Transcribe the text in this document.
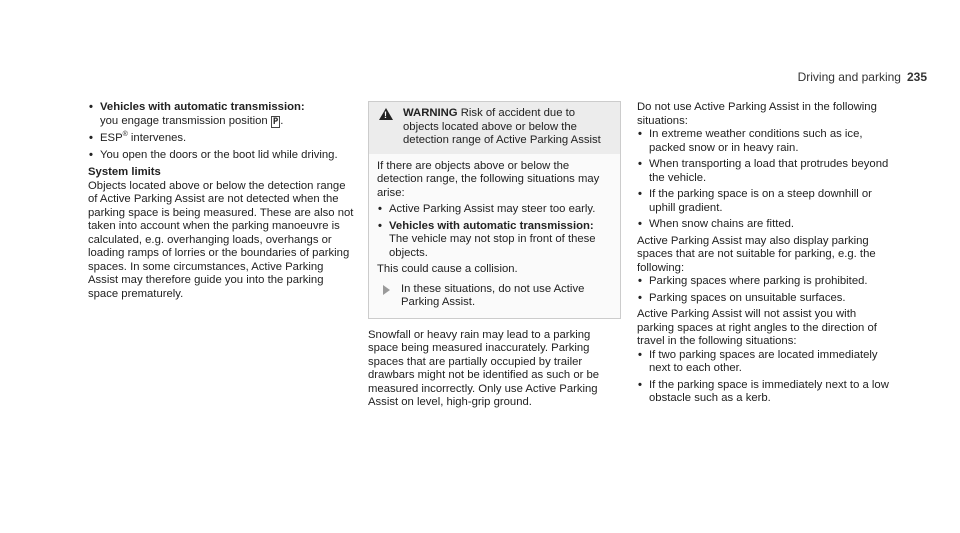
Driving and parking 235
• Vehicles with automatic transmission:
you engage transmission position P .
• ESP® intervenes.
• You open the doors or the boot lid while driving.
System limits

Objects located above or below the detection range of Active Parking Assist are not detected when the parking space is being measured. These are also not taken into account when the parking manoeuvre is calculated, e.g. overhanging loads, overhangs or loading ramps of lorries or the boundaries of parking spaces. In some circumstances, Active Parking Assist may therefore guide you into the parking space prematurely.

!
WARNING Risk of accident due to objects located above or below the detection range of Active Parking Assist

If there are objects above or below the detection range, the following situations may arise:

• Active Parking Assist may steer too early.
• Vehicles with automatic transmission: The vehicle may not stop in front of these objects.

This could cause a collision.

In these situations, do not use Active Parking Assist.

Snowfall or heavy rain may lead to a parking space being measured inaccurately. Parking spaces that are partially occupied by trailer drawbars might not be identified as such or be measured incorrectly. Only use Active Parking Assist on level, high-grip ground.

Do not use Active Parking Assist in the following situations:

• In extreme weather conditions such as ice, packed snow or in heavy rain.
• When transporting a load that protrudes beyond the vehicle.
• If the parking space is on a steep downhill or uphill gradient.
• When snow chains are fitted.

Active Parking Assist may also display parking spaces that are not suitable for parking, e.g. the following:

• Parking spaces where parking is prohibited.
• Parking spaces on unsuitable surfaces.

Active Parking Assist will not assist you with parking spaces at right angles to the direction of travel in the following situations:

• If two parking spaces are located immediately next to each other.
• If the parking space is immediately next to a low obstacle such as a kerb.
